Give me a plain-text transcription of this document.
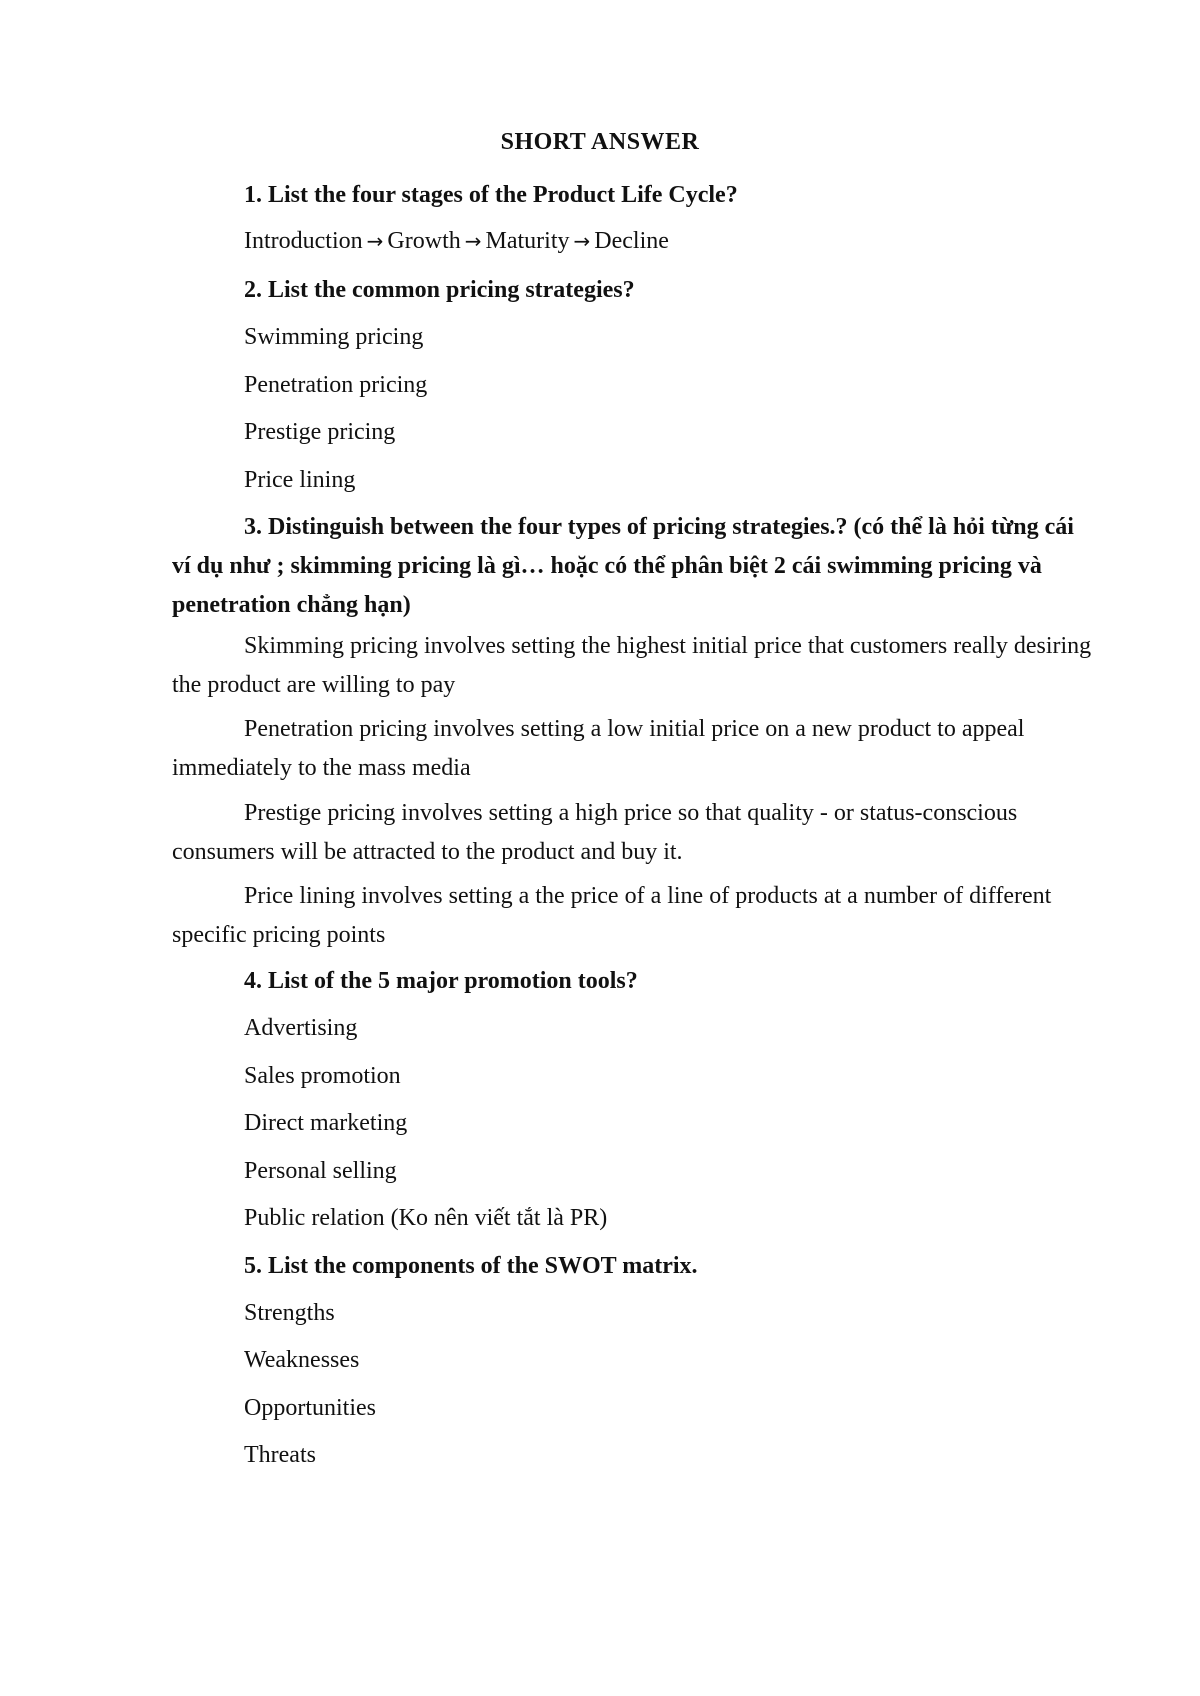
SHORT ANSWER
1. List the four stages of the Product Life Cycle?
Introduction → Growth → Maturity → Decline
2. List the common pricing strategies?
Swimming pricing
Penetration pricing
Prestige pricing
Price lining
3. Distinguish between the four types of pricing strategies.? (có thể là hỏi từng cái ví dụ như ; skimming pricing là gì… hoặc có thể phân biệt 2 cái swimming pricing và penetration chẳng hạn)
Skimming pricing involves setting the highest initial price that customers really desiring the product are willing to pay
Penetration pricing involves setting a low initial price on a new product to appeal immediately to the mass media
Prestige pricing involves setting a high price so that quality - or status-conscious consumers will be attracted to the product and buy it.
Price lining involves setting a the price of a line of products at a number of different specific pricing points
4. List of the 5 major promotion tools?
Advertising
Sales promotion
Direct marketing
Personal selling
Public relation (Ko nên viết tắt là PR)
5. List the components of the SWOT matrix.
Strengths
Weaknesses
Opportunities
Threats
